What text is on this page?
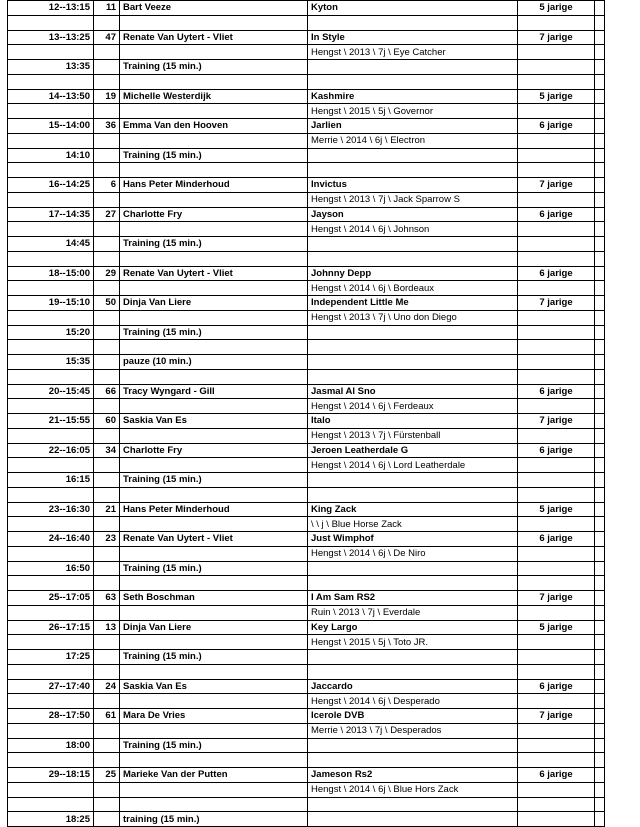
12--13:15	11	Bart Veeze	Kyton	5 jarige	

13--13:25	47	Renate Van Uytert - Vliet	In Style	7 jarige	
			Hengst \ 2013 \ 7j \ Eye Catcher		
13:35		Training (15 min.)			

14--13:50	19	Michelle Westerdijk	Kashmire	5 jarige	
			Hengst \ 2015 \ 5j \ Governor		
15--14:00	36	Emma Van den Hooven	Jarlien	6 jarige	
			Merrie \ 2014 \ 6j \ Electron		
14:10		Training (15 min.)			

16--14:25	6	Hans Peter Minderhoud	Invictus	7 jarige	
			Hengst \ 2013 \ 7j \ Jack Sparrow S		
17--14:35	27	Charlotte Fry	Jayson	6 jarige	
			Hengst \ 2014 \ 6j \ Johnson		
14:45		Training (15 min.)			

18--15:00	29	Renate Van Uytert - Vliet	Johnny Depp	6 jarige	
			Hengst \ 2014 \ 6j \ Bordeaux		
19--15:10	50	Dinja Van Liere	Independent Little Me	7 jarige	
			Hengst \ 2013 \ 7j \ Uno don Diego		
15:20		Training (15 min.)			

15:35		pauze (10 min.)			

20--15:45	66	Tracy Wyngard - Gill	Jasmal Al Sno	6 jarige	
			Hengst \ 2014 \ 6j \ Ferdeaux		
21--15:55	60	Saskia Van Es	Italo	7 jarige	
			Hengst \ 2013 \ 7j \ Fürstenball		
22--16:05	34	Charlotte Fry	Jeroen Leatherdale G	6 jarige	
			Hengst \ 2014 \ 6j \ Lord Leatherdale		
16:15		Training (15 min.)			

23--16:30	21	Hans Peter Minderhoud	King Zack	5 jarige	
			\ \ j \ Blue Horse Zack		
24--16:40	23	Renate Van Uytert - Vliet	Just Wimphof	6 jarige	
			Hengst \ 2014 \ 6j \ De Niro		
16:50		Training (15 min.)			

25--17:05	63	Seth Boschman	I Am Sam RS2	7 jarige	
			Ruin \ 2013 \ 7j \ Everdale		
26--17:15	13	Dinja Van Liere	Key Largo	5 jarige	
			Hengst \ 2015 \ 5j \ Toto JR.		
17:25		Training (15 min.)			

27--17:40	24	Saskia Van Es	Jaccardo	6 jarige	
			Hengst \ 2014 \ 6j \ Desperado		
28--17:50	61	Mara De Vries	Icerole DVB	7 jarige	
			Merrie \ 2013 \ 7j \ Desperados		
18:00		Training (15 min.)			

29--18:15	25	Marieke Van der Putten	Jameson Rs2	6 jarige	
			Hengst \ 2014 \ 6j \ Blue Hors Zack		

18:25		training (15 min.)			
